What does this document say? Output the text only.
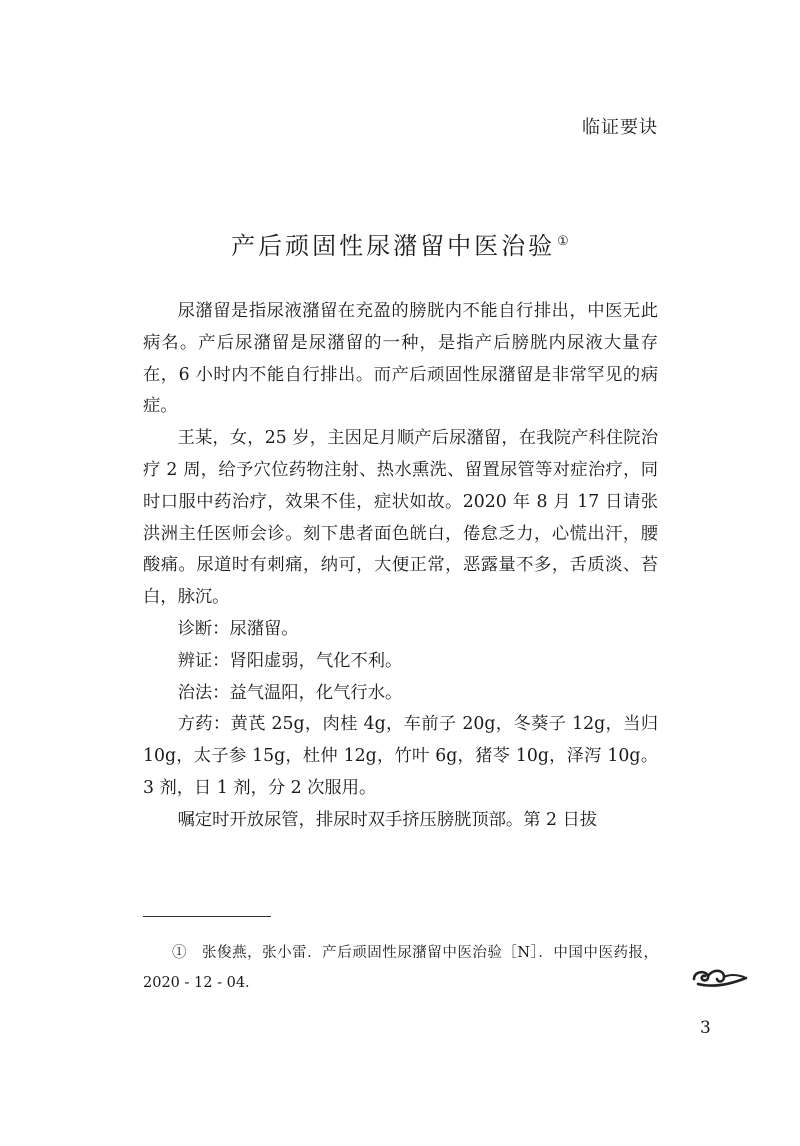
临证要诀
产后顽固性尿潴留中医治验 ①

尿潴留是指尿液潴留在充盈的膀胱内不能自行排出，中医无此病名。产后尿潴留是尿潴留的一种，是指产后膀胱内尿液大量存在，6 小时内不能自行排出。而产后顽固性尿潴留是非常罕见的病症。

王某，女，25 岁，主因足月顺产后尿潴留，在我院产科住院治疗 2 周，给予穴位药物注射、热水熏洗、留置尿管等对症治疗，同时口服中药治疗，效果不佳，症状如故。2020 年 8 月 17 日请张洪洲主任医师会诊。刻下患者面色㿠白，倦怠乏力，心慌出汗，腰酸痛。尿道时有刺痛，纳可，大便正常，恶露量不多，舌质淡、苔白，脉沉。

诊断：尿潴留。

辨证：肾阳虚弱，气化不利。

治法：益气温阳，化气行水。

方药：黄芪 25g，肉桂 4g，车前子 20g，冬葵子 12g，当归 10g，太子参 15g，杜仲 12g，竹叶 6g，猪苓 10g，泽泻 10g。3 剂，日 1 剂，分 2 次服用。

嘱定时开放尿管，排尿时双手挤压膀胱顶部。第 2 日拔

①　张俊燕，张小雷．产后顽固性尿潴留中医治验［N］．中国中医药报，2020 - 12 - 04．

3
